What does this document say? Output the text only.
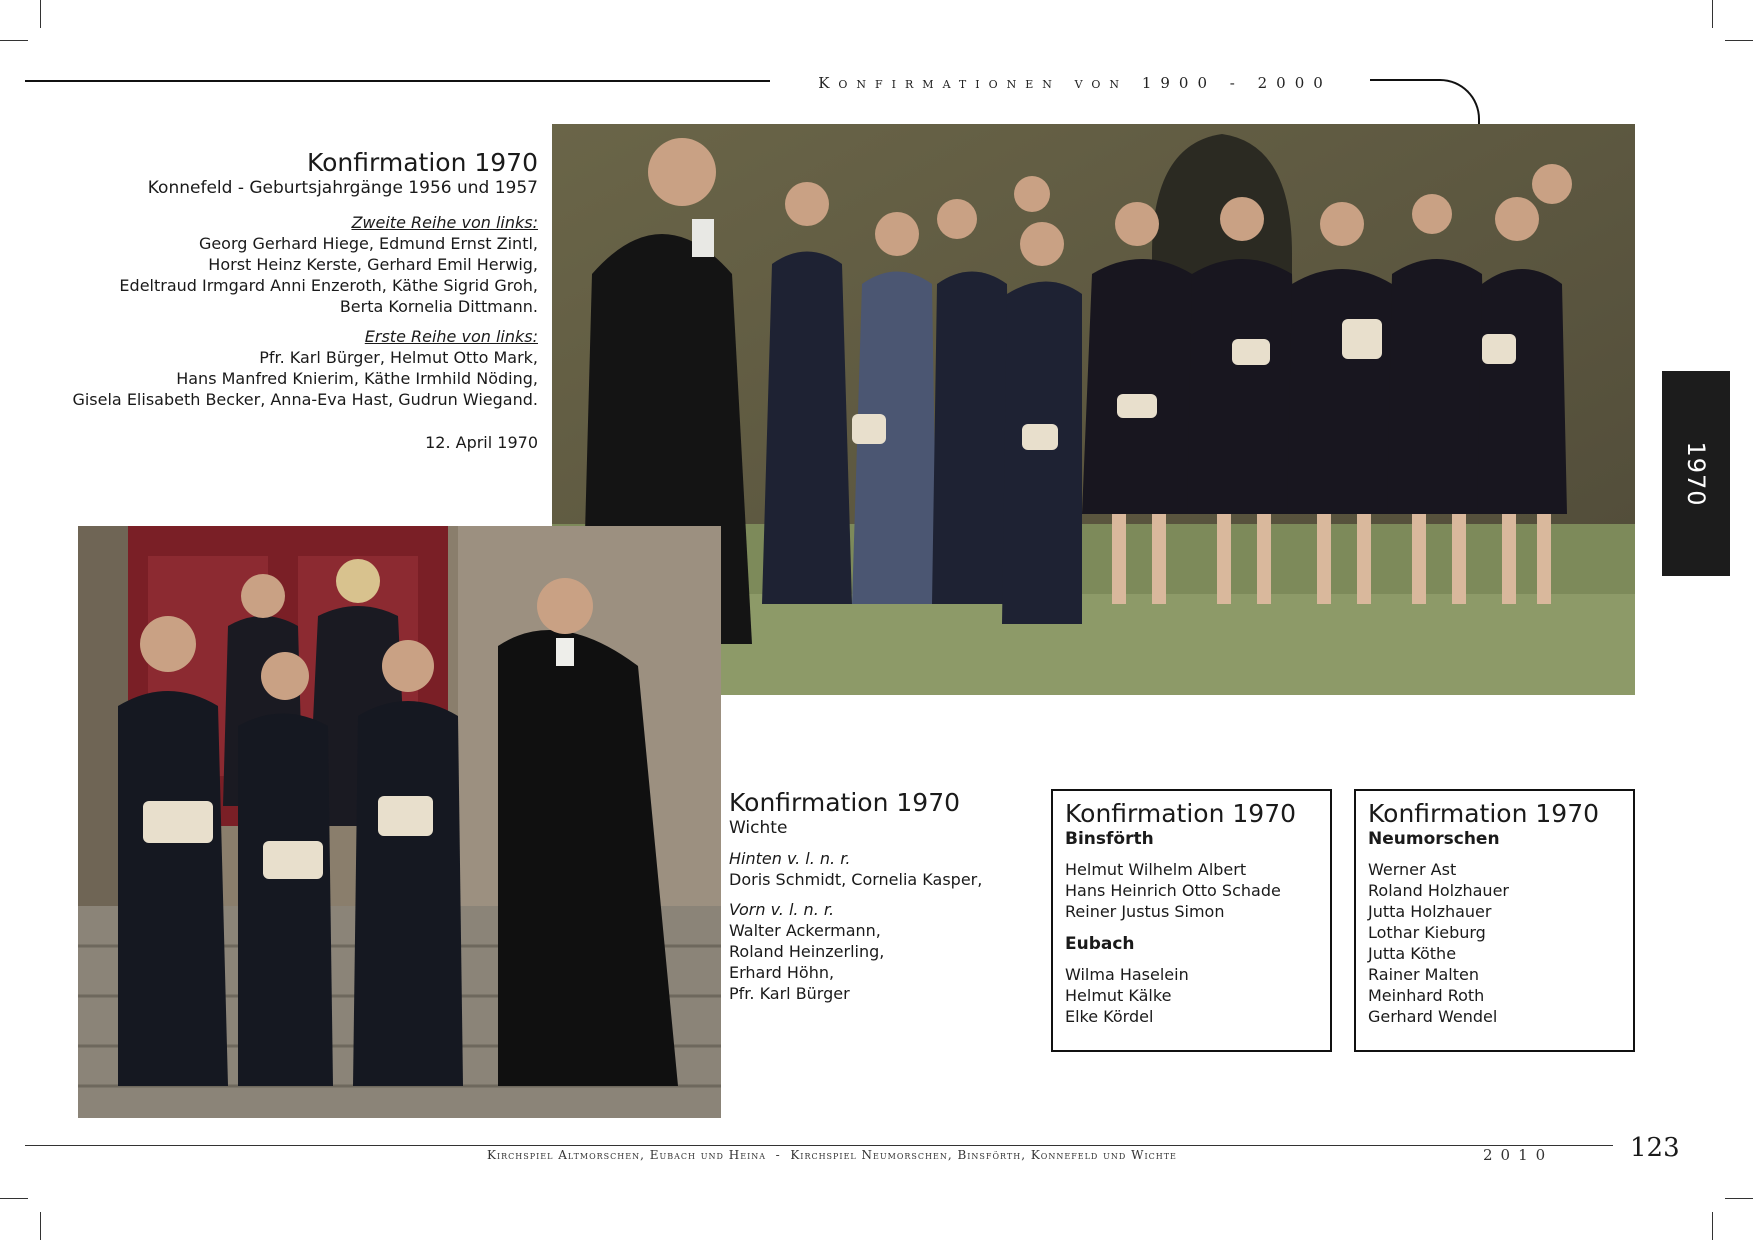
Konfirmationen von 1900 - 2000
1970
Konfirmation 1970
Konnefeld - Geburtsjahrgänge 1956 und 1957
Zweite Reihe von links:
Georg Gerhard Hiege, Edmund Ernst Zintl,
Horst Heinz Kerste, Gerhard Emil Herwig,
Edeltraud Irmgard Anni Enzeroth, Käthe Sigrid Groh,
Berta Kornelia Dittmann.
Erste Reihe von links:
Pfr. Karl Bürger, Helmut Otto Mark,
Hans Manfred Knierim, Käthe Irmhild Nöding,
Gisela Elisabeth Becker, Anna-Eva Hast, Gudrun Wiegand.
12. April 1970
Konfirmation 1970
Wichte
Hinten v. l. n. r.
Doris Schmidt, Cornelia Kasper,
Vorn v. l. n. r.
Walter Ackermann,
Roland Heinzerling,
Erhard Höhn,
Pfr. Karl Bürger
Konfirmation 1970
Binsförth
Helmut Wilhelm Albert
Hans Heinrich Otto Schade
Reiner Justus Simon
Eubach
Wilma Haselein
Helmut Kälke
Elke Kördel
Konfirmation 1970
Neumorschen
Werner Ast
Roland Holzhauer
Jutta Holzhauer
Lothar Kieburg
Jutta Köthe
Rainer Malten
Meinhard Roth
Gerhard Wendel
Kirchspiel Altmorschen, Eubach und Heina  -  Kirchspiel Neumorschen, Binsförth, Konnefeld und Wichte	2010	123
